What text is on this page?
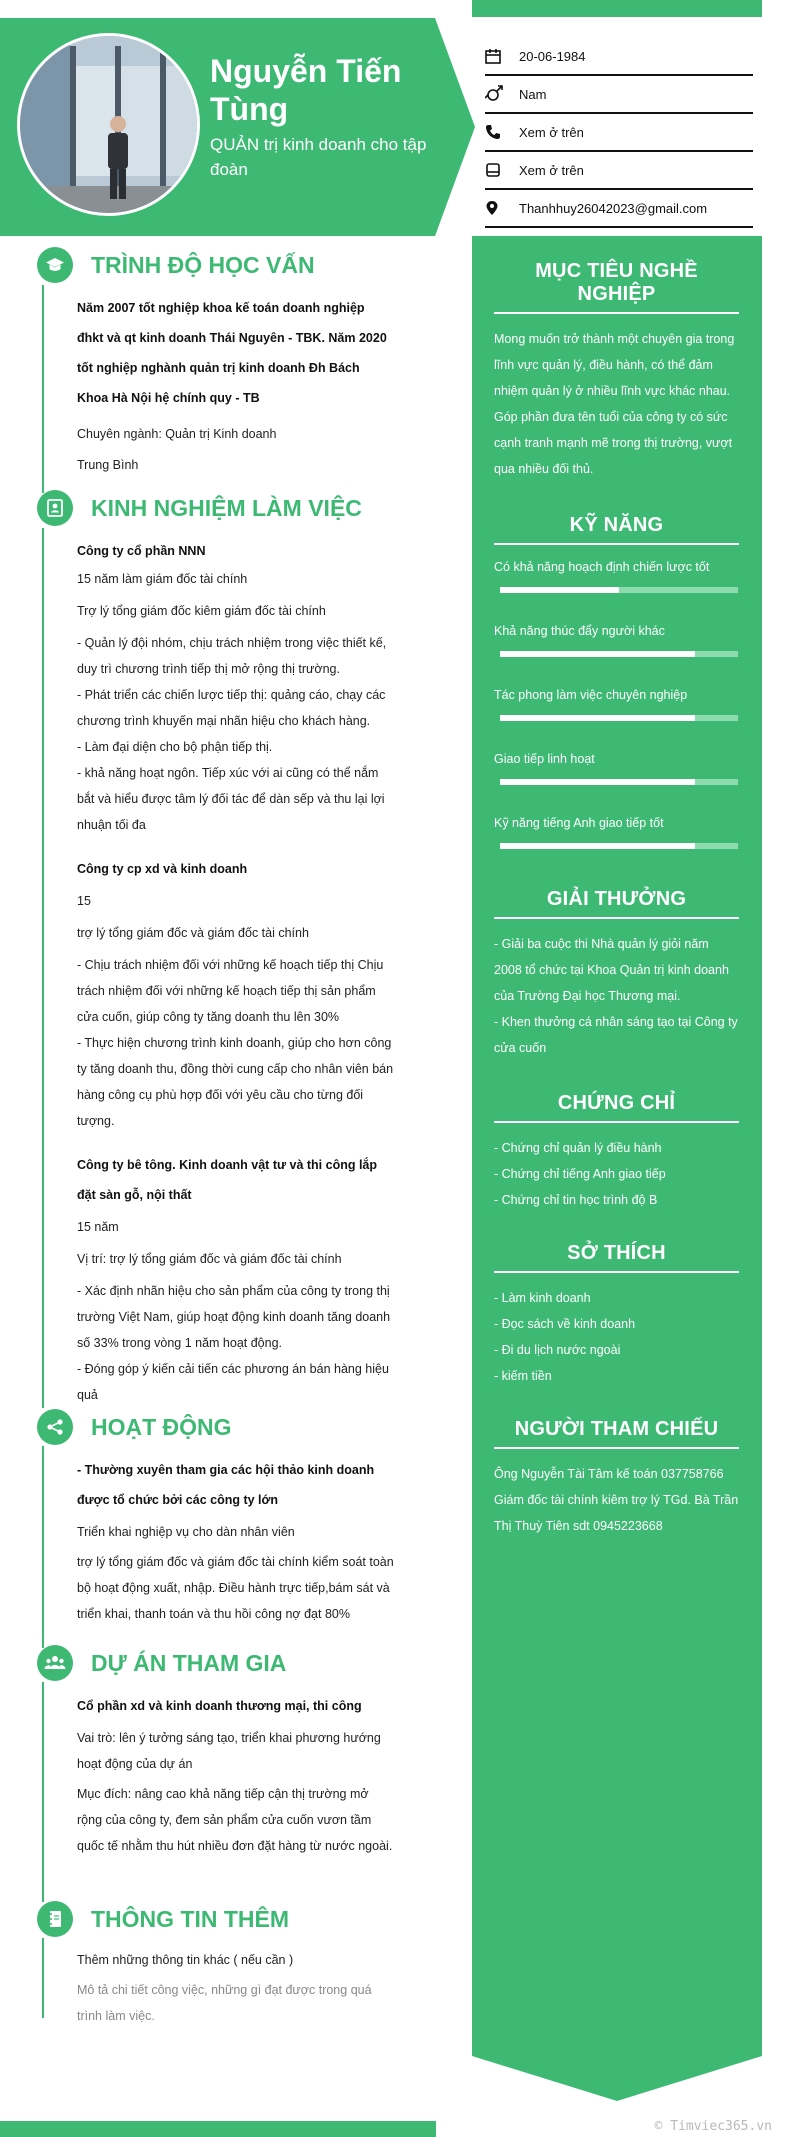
Nguyễn Tiến Tùng
QUẢN trị kinh doanh cho tập đoàn
20-06-1984
Nam
Xem ở trên
Xem ở trên
Thanhhuy26042023@gmail.com
MỤC TIÊU NGHỀ NGHIỆP
Mong muốn trở thành một chuyên gia trong lĩnh vực quản lý, điều hành, có thể đảm nhiệm quản lý ở nhiều lĩnh vực khác nhau.
Góp phần đưa tên tuổi của công ty có sức cạnh tranh mạnh mẽ trong thị trường, vượt qua nhiều đối thủ.
KỸ NĂNG
Có khả năng hoạch định chiến lược tốt
Khả năng thúc đẩy người khác
Tác phong làm việc chuyên nghiệp
Giao tiếp linh hoạt
Kỹ năng tiếng Anh giao tiếp tốt
GIẢI THƯỞNG
- Giải ba cuộc thi Nhà quản lý giỏi năm 2008 tổ chức tại Khoa Quản trị kinh doanh của Trường Đại học Thương mại.
- Khen thưởng cá nhân sáng tạo tại Công ty cửa cuốn
CHỨNG CHỈ
- Chứng chỉ quản lý điều hành
- Chứng chỉ tiếng Anh giao tiếp
- Chứng chỉ tin học trình độ B
SỞ THÍCH
- Làm kinh doanh
- Đọc sách về kinh doanh
- Đi du lịch nước ngoài
- kiếm tiền
NGƯỜI THAM CHIẾU
Ông Nguyễn Tài Tâm kế toán 037758766 Giám đốc tài chính kiêm trợ lý TGd. Bà Trần Thị Thuỳ Tiên sdt 0945223668
TRÌNH ĐỘ HỌC VẤN
Năm 2007 tốt nghiệp khoa kế toán doanh nghiệp đhkt và qt kinh doanh Thái Nguyên - TBK. Năm 2020 tốt nghiệp nghành quản trị kinh doanh Đh Bách Khoa Hà Nội hệ chính quy - TB
Chuyên ngành: Quản trị Kinh doanh
Trung Bình
KINH NGHIỆM LÀM VIỆC
Công ty cổ phần NNN
15 năm làm giám đốc tài chính
Trợ lý tổng giám đốc kiêm giám đốc tài chính
- Quản lý đội nhóm, chịu trách nhiệm trong việc thiết kế, duy trì chương trình tiếp thị mở rộng thị trường.
- Phát triển các chiến lược tiếp thị: quảng cáo, chạy các chương trình khuyến mại nhãn hiệu cho khách hàng.
- Làm đại diện cho bộ phận tiếp thị.
- khả năng hoạt ngôn. Tiếp xúc với ai cũng có thể nắm bắt và hiểu được tâm lý đối tác để dàn sếp và thu lại lợi nhuận tối đa
Công ty cp xd và kinh doanh
15
trợ lý tổng giám đốc và giám đốc tài chính
- Chịu trách nhiệm đối với những kế hoạch tiếp thị Chịu trách nhiệm đối với những kế hoạch tiếp thị sản phẩm cửa cuốn, giúp công ty tăng doanh thu lên 30%
- Thực hiện chương trình kinh doanh, giúp cho hơn công ty tăng doanh thu, đồng thời cung cấp cho nhân viên bán hàng công cụ phù hợp đối với yêu cầu cho từng đối tượng.
Công ty bê tông. Kinh doanh vật tư và thi công lắp đặt sàn gỗ, nội thất
15 năm
Vị trí: trợ lý tổng giám đốc và giám đốc tài chính
- Xác định nhãn hiệu cho sản phẩm của công ty trong thị trường Việt Nam, giúp hoạt động kinh doanh tăng doanh số 33% trong vòng 1 năm hoạt động.
- Đóng góp ý kiến cải tiến các phương án bán hàng hiệu quả
HOẠT ĐỘNG
- Thường xuyên tham gia các hội thảo kinh doanh được tổ chức bởi các công ty lớn
Triển khai nghiệp vụ cho dàn nhân viên
trợ lý tổng giám đốc và giám đốc tài chính kiểm soát toàn bộ hoạt động xuất, nhập. Điều hành trực tiếp,bám sát và triển khai, thanh toán và thu hồi công nợ đạt 80%
DỰ ÁN THAM GIA
Cổ phần xd và kinh doanh thương mại, thi công
Vai trò: lên ý tưởng sáng tạo, triển khai phương hướng hoạt động của dự án
Mục đích: nâng cao khả năng tiếp cận thị trường mở rộng của công ty, đem sản phẩm cửa cuốn vươn tầm quốc tế nhằm thu hút nhiều đơn đặt hàng từ nước ngoài.
THÔNG TIN THÊM
Thêm những thông tin khác ( nếu cần )
Mô tả chi tiết công việc, những gì đạt được trong quá trình làm việc.
© Timviec365.vn
